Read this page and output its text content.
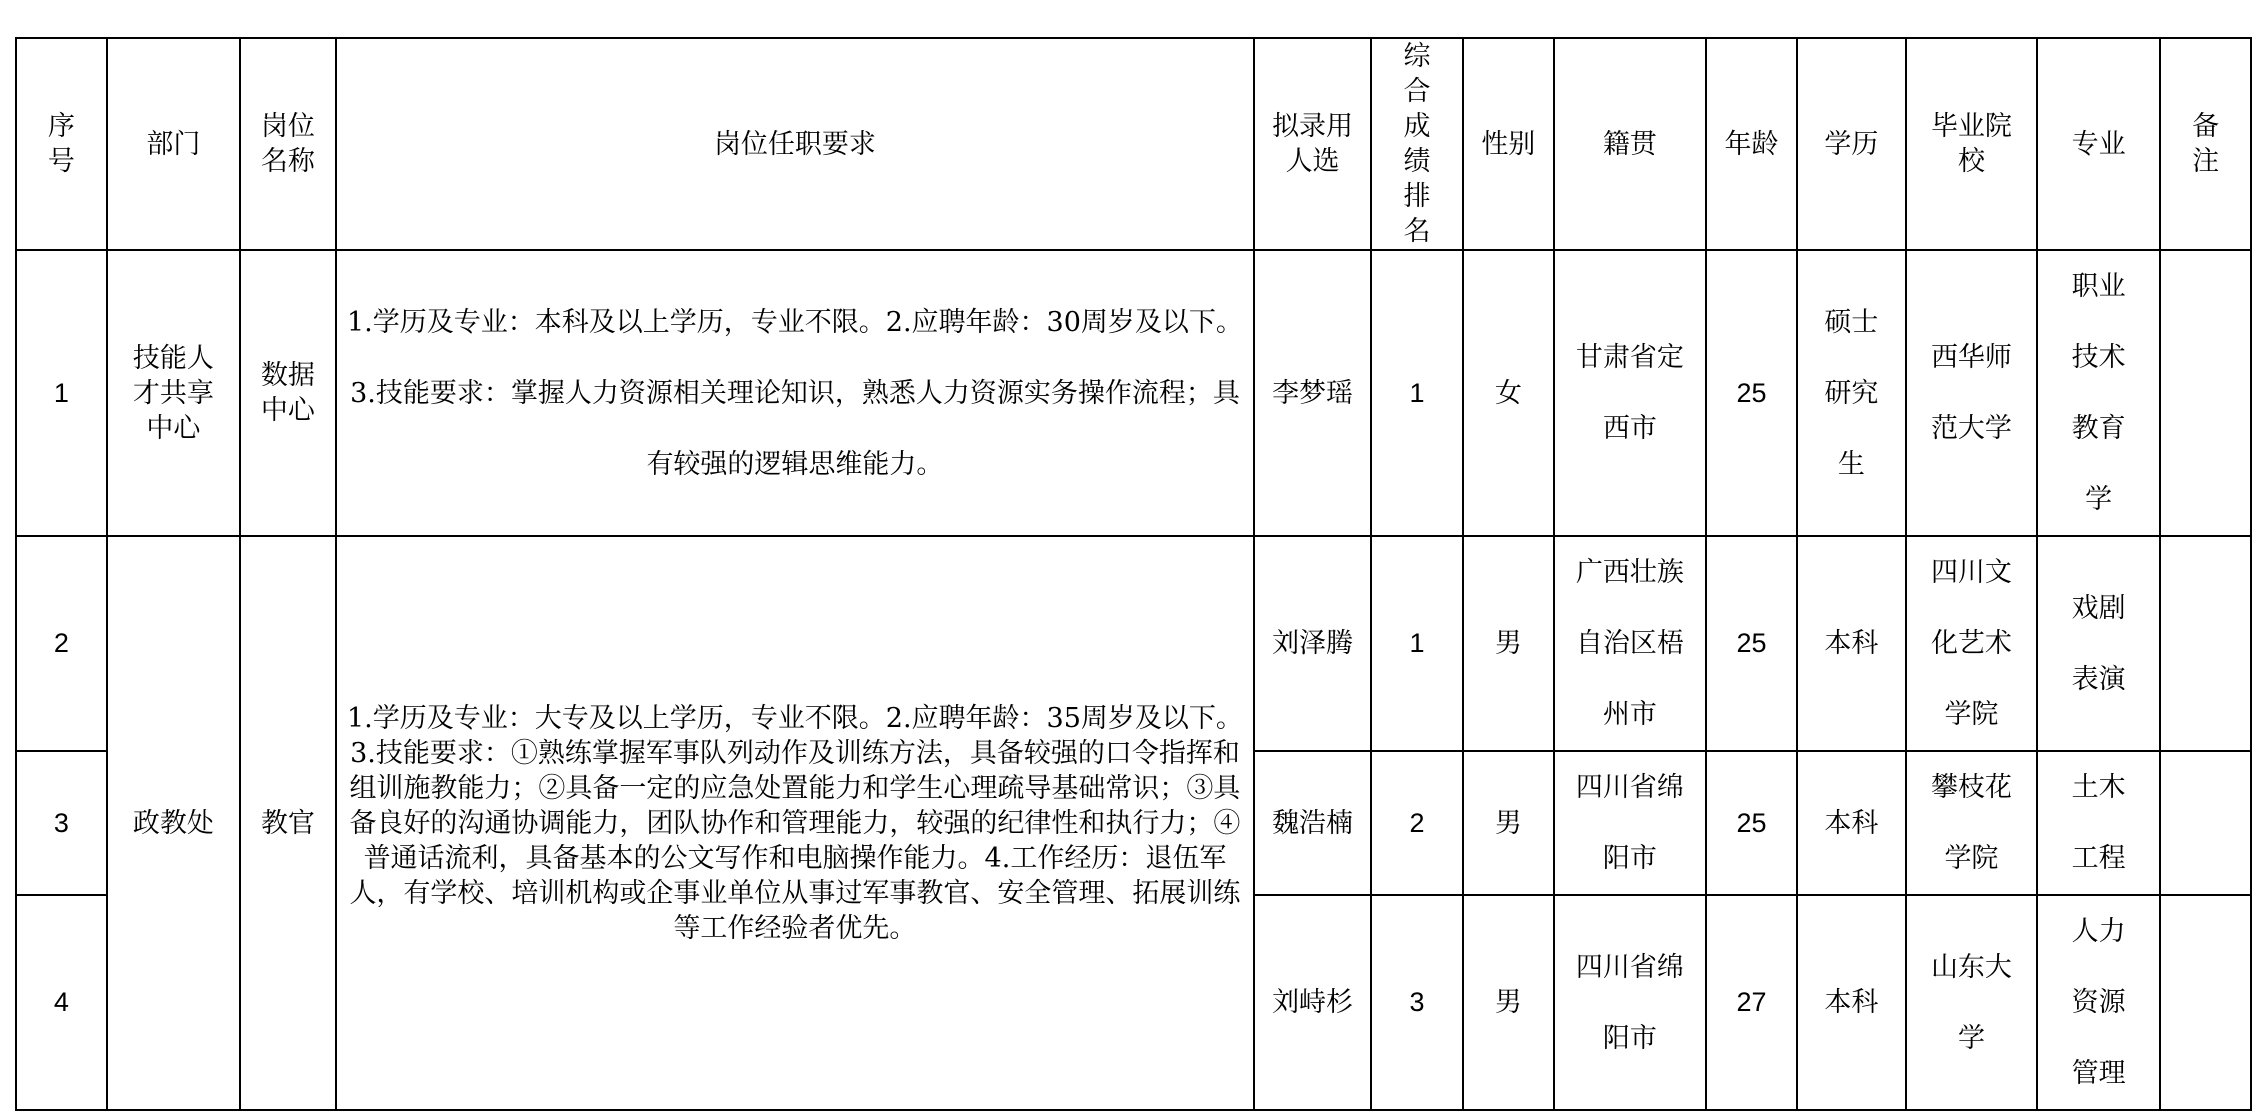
序号	部门	岗位名称	岗位任职要求	拟录用人选	综合成绩排名	性别	籍贯	年龄	学历	毕业院校	专业	备注

1	技能人才共享中心	数据中心	1.学历及专业：本科及以上学历，专业不限。2.应聘年龄：30周岁及以下。3.技能要求：掌握人力资源相关理论知识，熟悉人力资源实务操作流程；具有较强的逻辑思维能力。	李梦瑶	1	女	甘肃省定西市	25	硕士研究生	西华师范大学	职业技术教育学	

2	政教处	教官	1.学历及专业：大专及以上学历，专业不限。2.应聘年龄：35周岁及以下。3.技能要求：①熟练掌握军事队列动作及训练方法，具备较强的口令指挥和组训施教能力；②具备一定的应急处置能力和学生心理疏导基础常识；③具备良好的沟通协调能力，团队协作和管理能力，较强的纪律性和执行力；④普通话流利，具备基本的公文写作和电脑操作能力。4.工作经历：退伍军人，有学校、培训机构或企事业单位从事过军事教官、安全管理、拓展训练等工作经验者优先。	刘泽腾	1	男	广西壮族自治区梧州市	25	本科	四川文化艺术学院	戏剧表演	

3				魏浩楠	2	男	四川省绵阳市	25	本科	攀枝花学院	土木工程	

4				刘峙杉	3	男	四川省绵阳市	27	本科	山东大学	人力资源管理	
